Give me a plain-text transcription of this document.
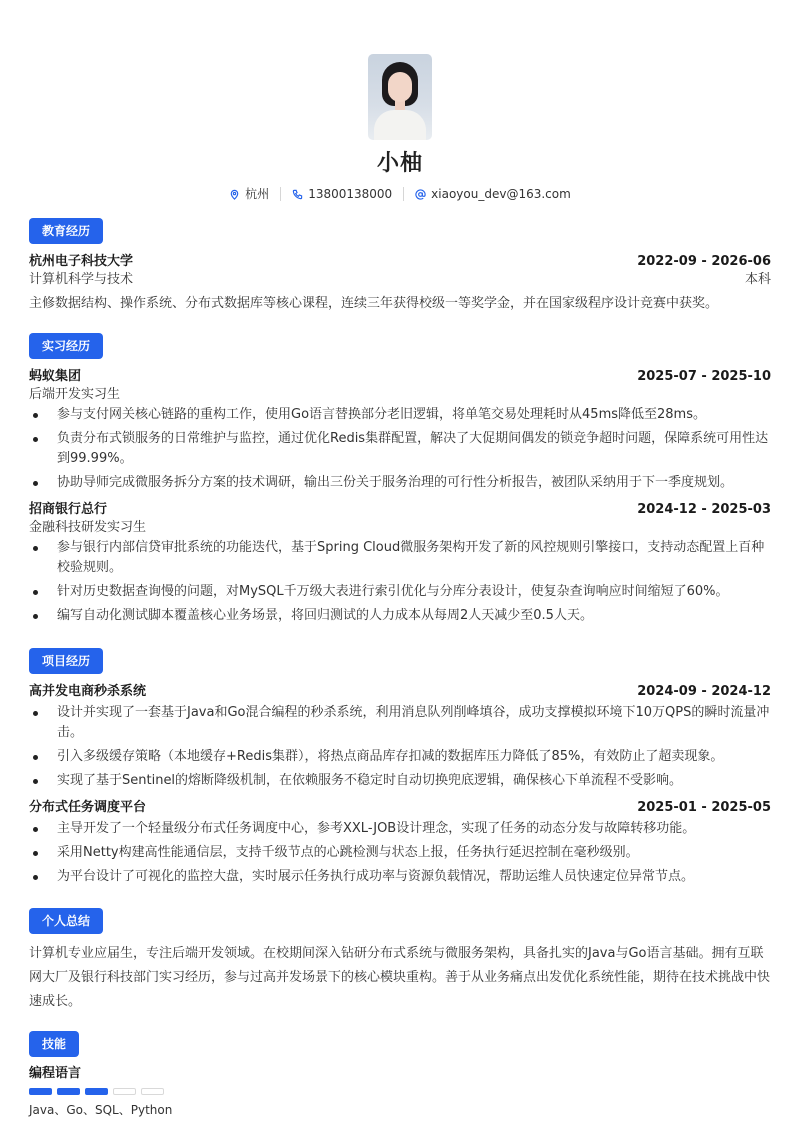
小柚
杭州	13800138000	xiaoyou_dev@163.com
教育经历
杭州电子科技大学	2022-09 - 2026-06
计算机科学与技术	本科
主修数据结构、操作系统、分布式数据库等核心课程，连续三年获得校级一等奖学金，并在国家级程序设计竞赛中获奖。
实习经历
蚂蚁集团	2025-07 - 2025-10
后端开发实习生
参与支付网关核心链路的重构工作，使用Go语言替换部分老旧逻辑，将单笔交易处理耗时从45ms降低至28ms。
负责分布式锁服务的日常维护与监控，通过优化Redis集群配置，解决了大促期间偶发的锁竞争超时问题，保障系统可用性达到99.99%。
协助导师完成微服务拆分方案的技术调研，输出三份关于服务治理的可行性分析报告，被团队采纳用于下一季度规划。
招商银行总行	2024-12 - 2025-03
金融科技研发实习生
参与银行内部信贷审批系统的功能迭代，基于Spring Cloud微服务架构开发了新的风控规则引擎接口，支持动态配置上百种校验规则。
针对历史数据查询慢的问题，对MySQL千万级大表进行索引优化与分库分表设计，使复杂查询响应时间缩短了60%。
编写自动化测试脚本覆盖核心业务场景，将回归测试的人力成本从每周2人天减少至0.5人天。
项目经历
高并发电商秒杀系统	2024-09 - 2024-12
设计并实现了一套基于Java和Go混合编程的秒杀系统，利用消息队列削峰填谷，成功支撑模拟环境下10万QPS的瞬时流量冲击。
引入多级缓存策略（本地缓存+Redis集群），将热点商品库存扣减的数据库压力降低了85%，有效防止了超卖现象。
实现了基于Sentinel的熔断降级机制，在依赖服务不稳定时自动切换兜底逻辑，确保核心下单流程不受影响。
分布式任务调度平台	2025-01 - 2025-05
主导开发了一个轻量级分布式任务调度中心，参考XXL-JOB设计理念，实现了任务的动态分发与故障转移功能。
采用Netty构建高性能通信层，支持千级节点的心跳检测与状态上报，任务执行延迟控制在毫秒级别。
为平台设计了可视化的监控大盘，实时展示任务执行成功率与资源负载情况，帮助运维人员快速定位异常节点。
个人总结
计算机专业应届生，专注后端开发领域。在校期间深入钻研分布式系统与微服务架构，具备扎实的Java与Go语言基础。拥有互联网大厂及银行科技部门实习经历，参与过高并发场景下的核心模块重构。善于从业务痛点出发优化系统性能，期待在技术挑战中快速成长。
技能
编程语言
Java、Go、SQL、Python
